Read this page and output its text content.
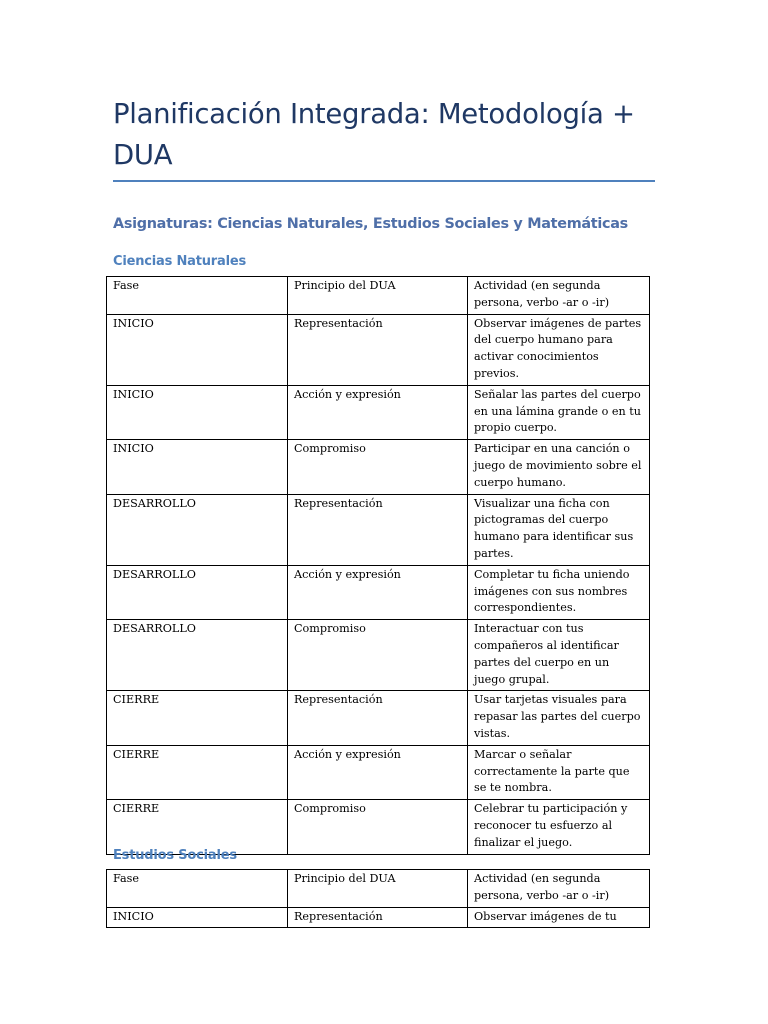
Planificación Integrada: Metodología + DUA
Asignaturas: Ciencias Naturales, Estudios Sociales y Matemáticas
Ciencias Naturales
Fase	Principio del DUA	Actividad (en segunda persona, verbo -ar o -ir)
INICIO	Representación	Observar imágenes de partes del cuerpo humano para activar conocimientos previos.
INICIO	Acción y expresión	Señalar las partes del cuerpo en una lámina grande o en tu propio cuerpo.
INICIO	Compromiso	Participar en una canción o juego de movimiento sobre el cuerpo humano.
DESARROLLO	Representación	Visualizar una ficha con pictogramas del cuerpo humano para identificar sus partes.
DESARROLLO	Acción y expresión	Completar tu ficha uniendo imágenes con sus nombres correspondientes.
DESARROLLO	Compromiso	Interactuar con tus compañeros al identificar partes del cuerpo en un juego grupal.
CIERRE	Representación	Usar tarjetas visuales para repasar las partes del cuerpo vistas.
CIERRE	Acción y expresión	Marcar o señalar correctamente la parte que se te nombra.
CIERRE	Compromiso	Celebrar tu participación y reconocer tu esfuerzo al finalizar el juego.
Estudios Sociales
Fase	Principio del DUA	Actividad (en segunda persona, verbo -ar o -ir)
INICIO	Representación	Observar imágenes de tu
